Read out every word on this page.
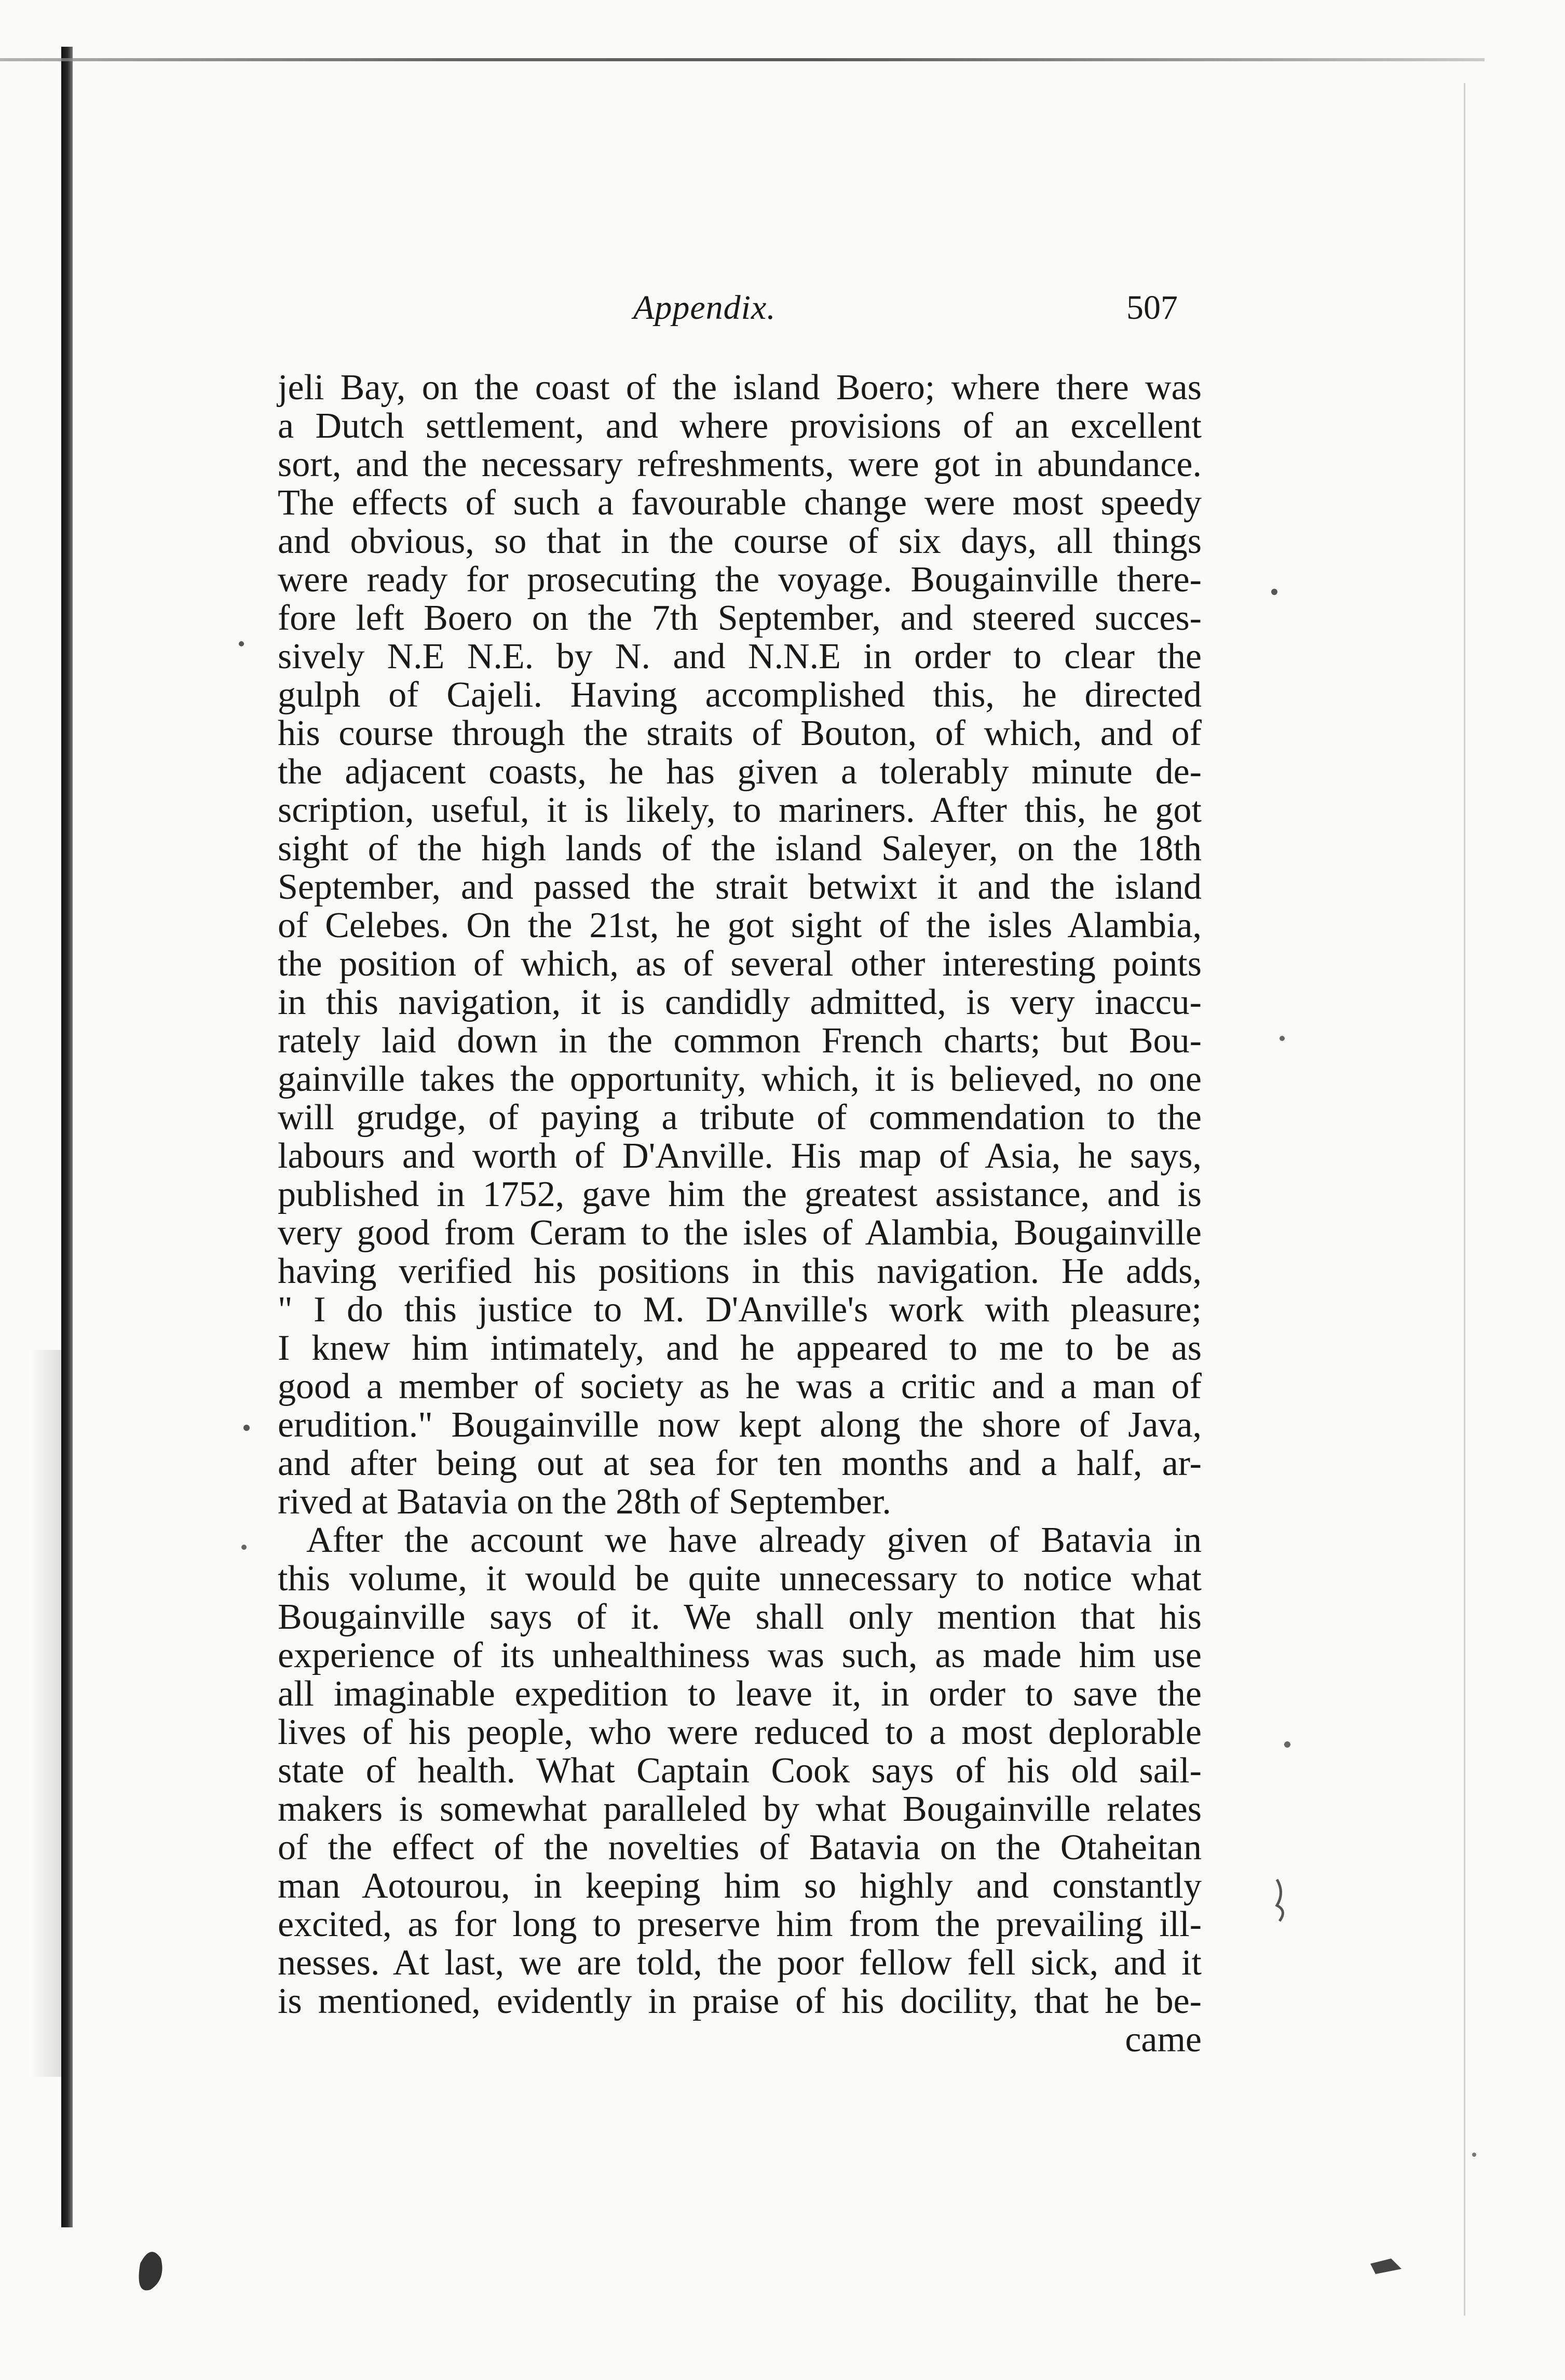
Appendix.	507
jeli Bay, on the coast of the island Boero; where there was
a Dutch settlement, and where provisions of an excellent
sort, and the necessary refreshments, were got in abundance.
The effects of such a favourable change were most speedy
and obvious, so that in the course of six days, all things
were ready for prosecuting the voyage. Bougainville there-
fore left Boero on the 7th September, and steered succes-
sively N.E N.E. by N. and N.N.E in order to clear the
gulph of Cajeli. Having accomplished this, he directed
his course through the straits of Bouton, of which, and of
the adjacent coasts, he has given a tolerably minute de-
scription, useful, it is likely, to mariners. After this, he got
sight of the high lands of the island Saleyer, on the 18th
September, and passed the strait betwixt it and the island
of Celebes. On the 21st, he got sight of the isles Alambia,
the position of which, as of several other interesting points
in this navigation, it is candidly admitted, is very inaccu-
rately laid down in the common French charts; but Bou-
gainville takes the opportunity, which, it is believed, no one
will grudge, of paying a tribute of commendation to the
labours and worth of D'Anville. His map of Asia, he says,
published in 1752, gave him the greatest assistance, and is
very good from Ceram to the isles of Alambia, Bougainville
having verified his positions in this navigation. He adds,
" I do this justice to M. D'Anville's work with pleasure;
I knew him intimately, and he appeared to me to be as
good a member of society as he was a critic and a man of
erudition." Bougainville now kept along the shore of Java,
and after being out at sea for ten months and a half, ar-
rived at Batavia on the 28th of September.
After the account we have already given of Batavia in
this volume, it would be quite unnecessary to notice what
Bougainville says of it. We shall only mention that his
experience of its unhealthiness was such, as made him use
all imaginable expedition to leave it, in order to save the
lives of his people, who were reduced to a most deplorable
state of health. What Captain Cook says of his old sail-
makers is somewhat paralleled by what Bougainville relates
of the effect of the novelties of Batavia on the Otaheitan
man Aotourou, in keeping him so highly and constantly
excited, as for long to preserve him from the prevailing ill-
nesses. At last, we are told, the poor fellow fell sick, and it
is mentioned, evidently in praise of his docility, that he be-
came
